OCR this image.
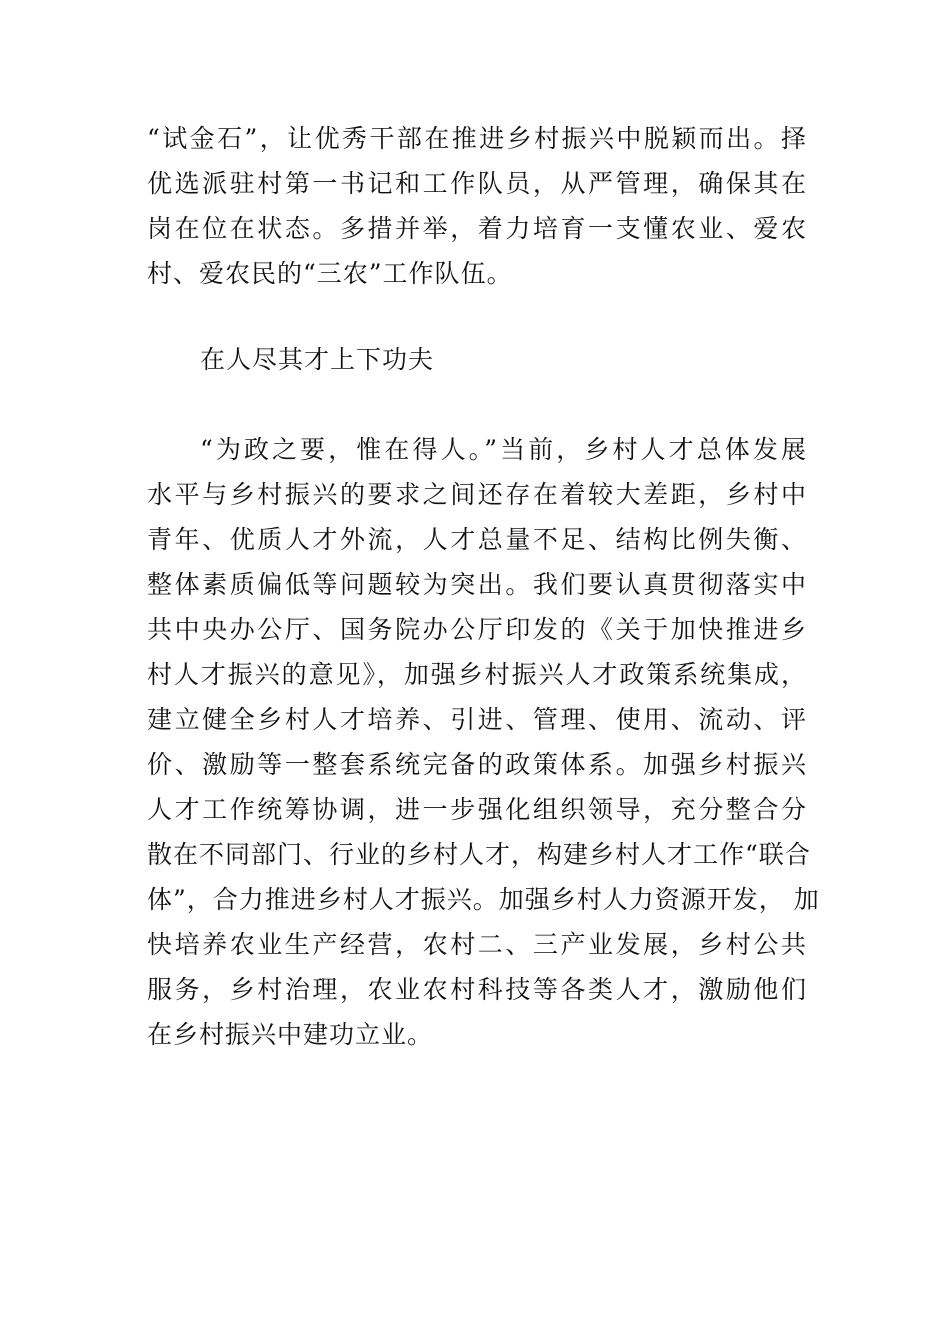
“试金石”，让优秀干部在推进乡村振兴中脱颖而出。择
优选派驻村第一书记和工作队员，从严管理，确保其在
岗在位在状态。多措并举，着力培育一支懂农业、爱农
村、爱农民的“三农”工作队伍。
在人尽其才上下功夫
“为政之要，惟在得人。”当前，乡村人才总体发展
水平与乡村振兴的要求之间还存在着较大差距，乡村中
青年、优质人才外流，人才总量不足、结构比例失衡、
整体素质偏低等问题较为突出。我们要认真贯彻落实中
共中央办公厅、国务院办公厅印发的《关于加快推进乡
村人才振兴的意见》，加强乡村振兴人才政策系统集成，
建立健全乡村人才培养、引进、管理、使用、流动、评
价、激励等一整套系统完备的政策体系。加强乡村振兴
人才工作统筹协调，进一步强化组织领导，充分整合分
散在不同部门、行业的乡村人才，构建乡村人才工作“联合
体”，合力推进乡村人才振兴。加强乡村人力资源开发， 加
快培养农业生产经营，农村二、三产业发展，乡村公共
服务，乡村治理，农业农村科技等各类人才，激励他们
在乡村振兴中建功立业。
